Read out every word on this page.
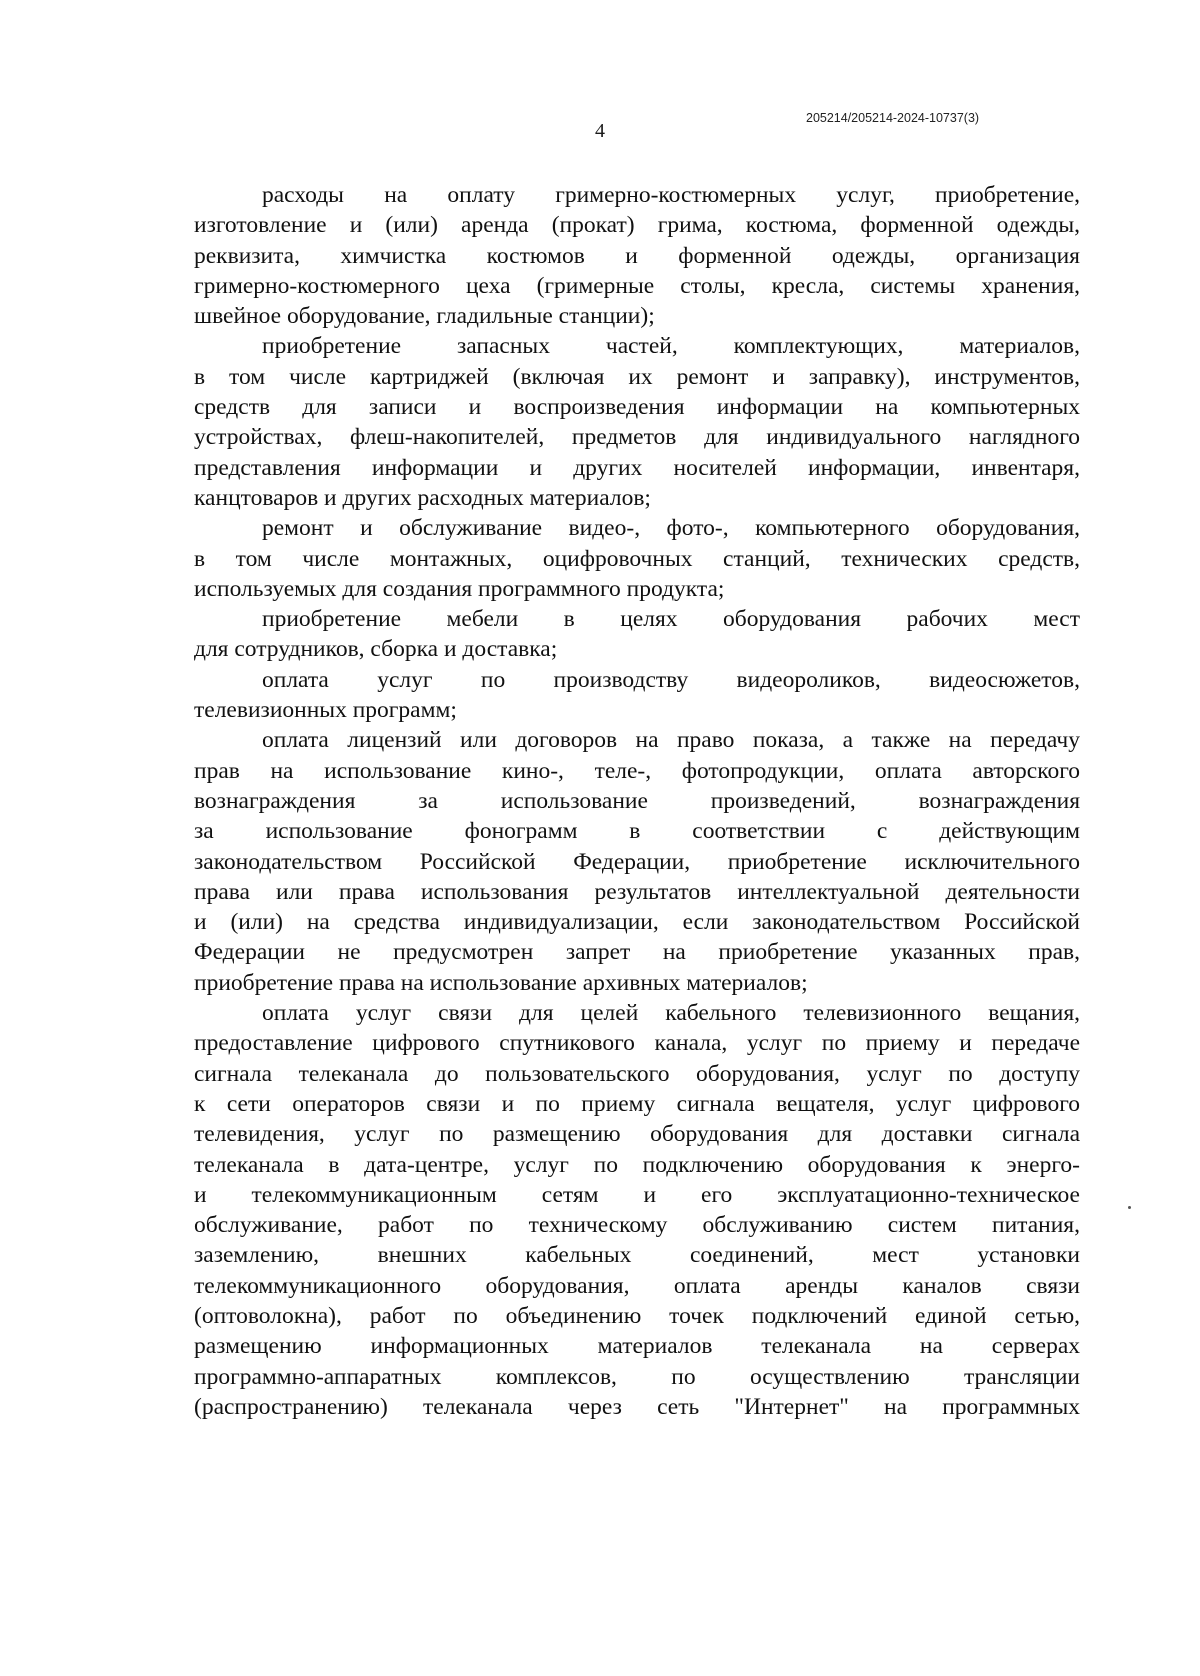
4
205214/205214-2024-10737(3)
расходы на оплату гримерно-костюмерных услуг, приобретение,
изготовление и (или) аренда (прокат) грима, костюма, форменной одежды,
реквизита, химчистка костюмов и форменной одежды, организация
гримерно-костюмерного цеха (гримерные столы, кресла, системы хранения,
швейное оборудование, гладильные станции);
приобретение запасных частей, комплектующих, материалов,
в том числе картриджей (включая их ремонт и заправку), инструментов,
средств для записи и воспроизведения информации на компьютерных
устройствах, флеш-накопителей, предметов для индивидуального наглядного
представления информации и других носителей информации, инвентаря,
канцтоваров и других расходных материалов;
ремонт и обслуживание видео-, фото-, компьютерного оборудования,
в том числе монтажных, оцифровочных станций, технических средств,
используемых для создания программного продукта;
приобретение мебели в целях оборудования рабочих мест
для сотрудников, сборка и доставка;
оплата услуг по производству видеороликов, видеосюжетов,
телевизионных программ;
оплата лицензий или договоров на право показа, а также на передачу
прав на использование кино-, теле-, фотопродукции, оплата авторского
вознаграждения за использование произведений, вознаграждения
за использование фонограмм в соответствии с действующим
законодательством Российской Федерации, приобретение исключительного
права или права использования результатов интеллектуальной деятельности
и (или) на средства индивидуализации, если законодательством Российской
Федерации не предусмотрен запрет на приобретение указанных прав,
приобретение права на использование архивных материалов;
оплата услуг связи для целей кабельного телевизионного вещания,
предоставление цифрового спутникового канала, услуг по приему и передаче
сигнала телеканала до пользовательского оборудования, услуг по доступу
к сети операторов связи и по приему сигнала вещателя, услуг цифрового
телевидения, услуг по размещению оборудования для доставки сигнала
телеканала в дата-центре, услуг по подключению оборудования к энерго-
и телекоммуникационным сетям и его эксплуатационно-техническое
обслуживание, работ по техническому обслуживанию систем питания,
заземлению, внешних кабельных соединений, мест установки
телекоммуникационного оборудования, оплата аренды каналов связи
(оптоволокна), работ по объединению точек подключений единой сетью,
размещению информационных материалов телеканала на серверах
программно-аппаратных комплексов, по осуществлению трансляции
(распространению) телеканала через сеть "Интернет" на программных
